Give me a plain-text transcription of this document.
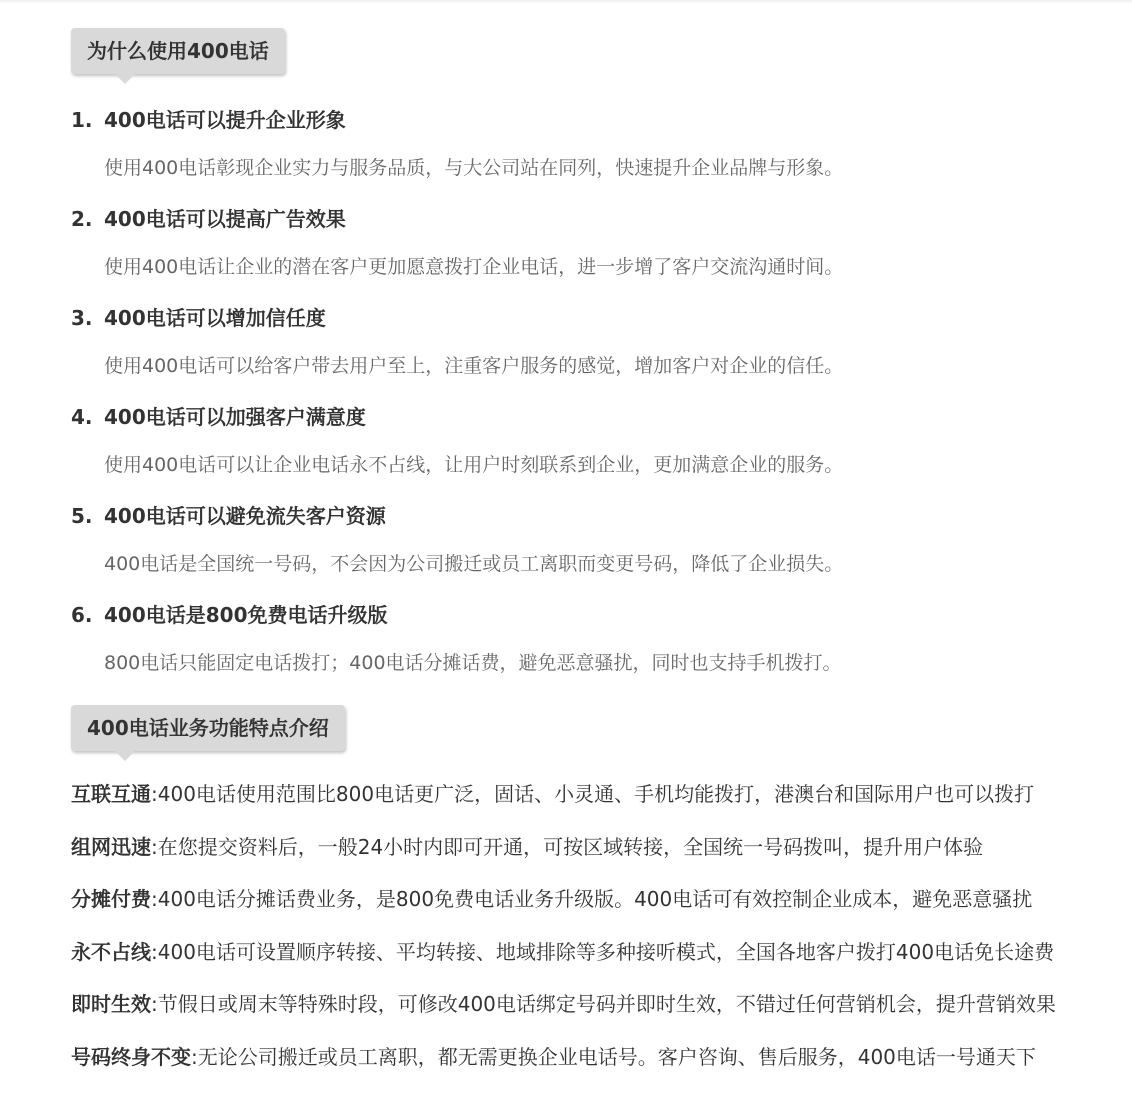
为什么使用400电话
1. 400电话可以提升企业形象
使用400电话彰现企业实力与服务品质，与大公司站在同列，快速提升企业品牌与形象。
2. 400电话可以提高广告效果
使用400电话让企业的潜在客户更加愿意拨打企业电话，进一步增了客户交流沟通时间。
3. 400电话可以增加信任度
使用400电话可以给客户带去用户至上，注重客户服务的感觉，增加客户对企业的信任。
4. 400电话可以加强客户满意度
使用400电话可以让企业电话永不占线，让用户时刻联系到企业，更加满意企业的服务。
5. 400电话可以避免流失客户资源
400电话是全国统一号码，不会因为公司搬迁或员工离职而变更号码，降低了企业损失。
6. 400电话是800免费电话升级版
800电话只能固定电话拨打；400电话分摊话费，避免恶意骚扰，同时也支持手机拨打。
400电话业务功能特点介绍
互联互通:400电话使用范围比800电话更广泛，固话、小灵通、手机均能拨打，港澳台和国际用户也可以拨打
组网迅速:在您提交资料后，一般24小时内即可开通，可按区域转接，全国统一号码拨叫，提升用户体验
分摊付费:400电话分摊话费业务，是800免费电话业务升级版。400电话可有效控制企业成本，避免恶意骚扰
永不占线:400电话可设置顺序转接、平均转接、地域排除等多种接听模式，全国各地客户拨打400电话免长途费
即时生效:节假日或周末等特殊时段，可修改400电话绑定号码并即时生效，不错过任何营销机会，提升营销效果
号码终身不变:无论公司搬迁或员工离职，都无需更换企业电话号。客户咨询、售后服务，400电话一号通天下
